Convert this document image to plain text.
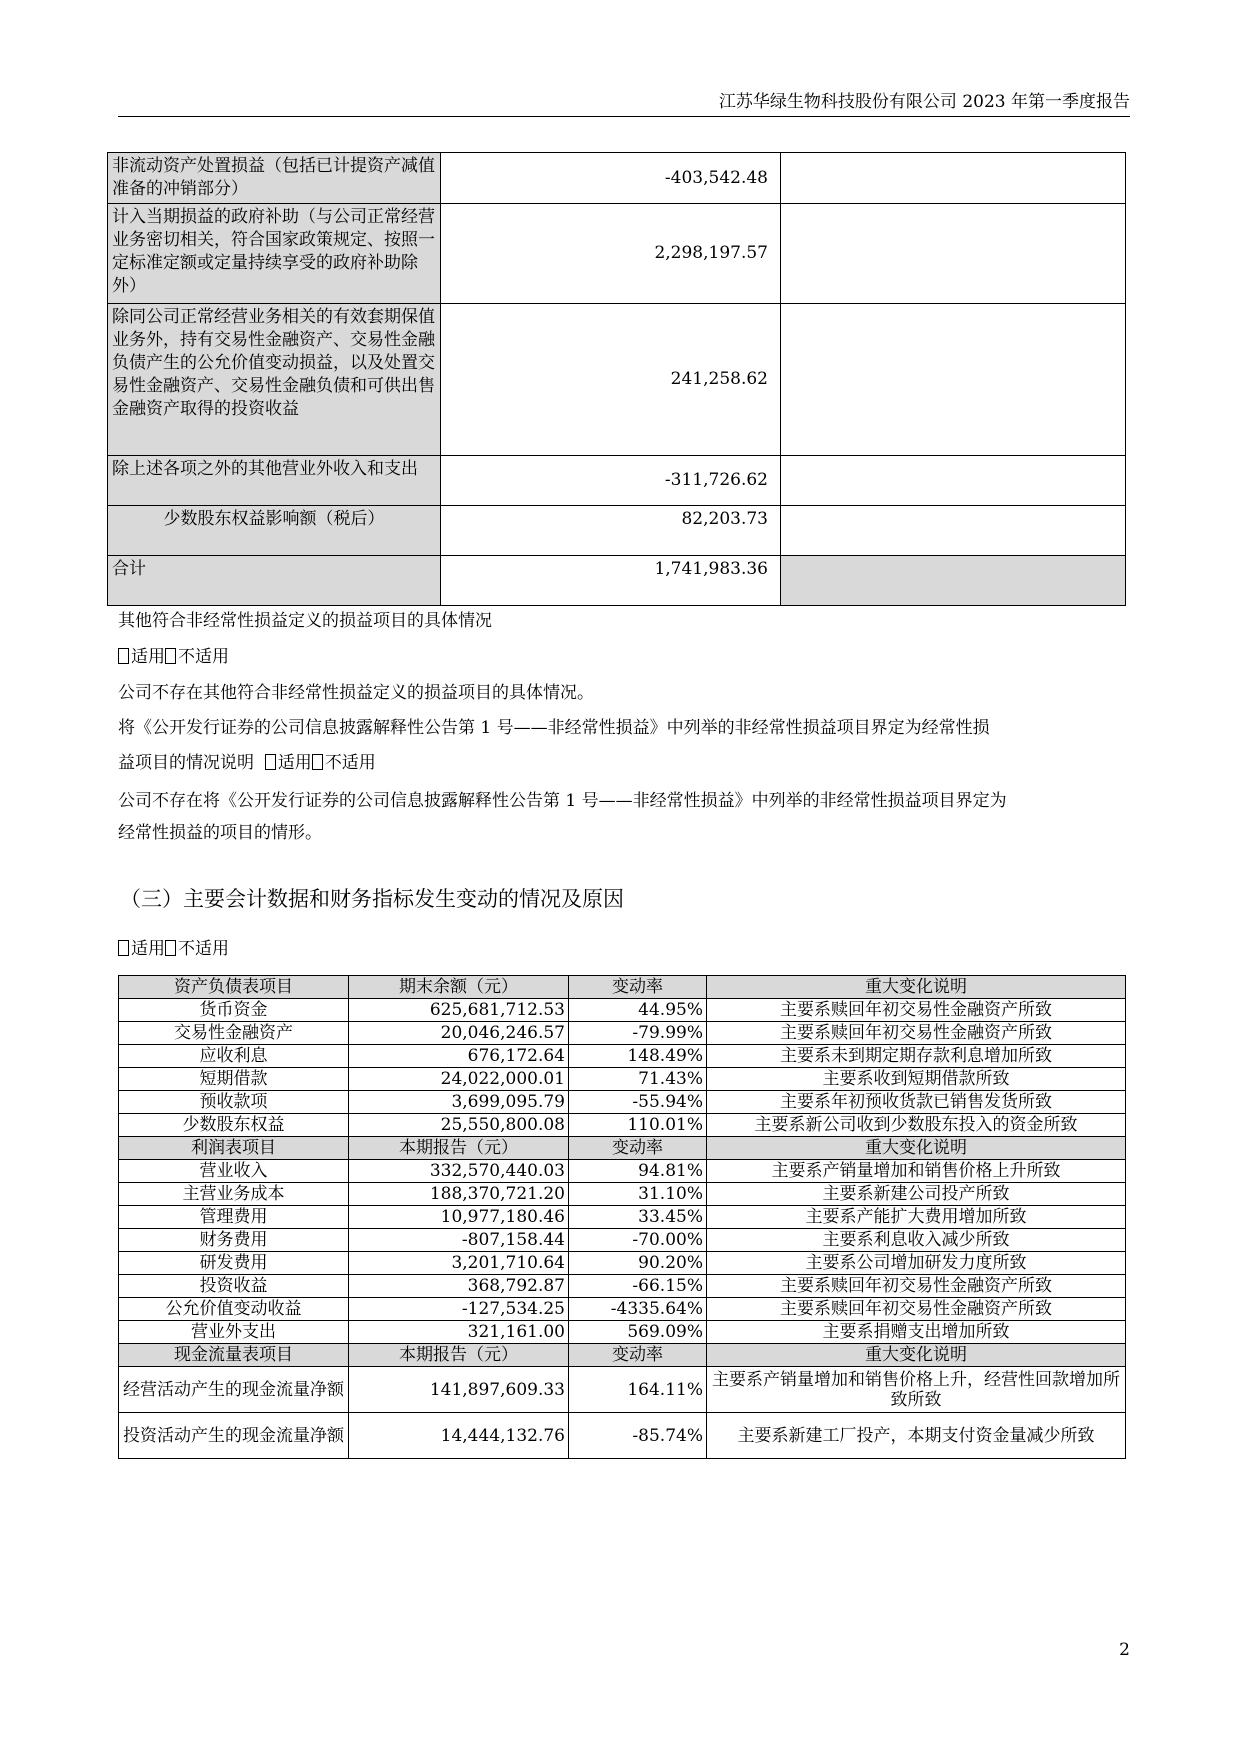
江苏华绿生物科技股份有限公司 2023 年第一季度报告
非流动资产处置损益（包括已计提资产减值准备的冲销部分）	-403,542.48	
计入当期损益的政府补助（与公司正常经营业务密切相关，符合国家政策规定、按照一定标准定额或定量持续享受的政府补助除外）	2,298,197.57	
除同公司正常经营业务相关的有效套期保值业务外，持有交易性金融资产、交易性金融负债产生的公允价值变动损益，以及处置交易性金融资产、交易性金融负债和可供出售金融资产取得的投资收益	241,258.62	
除上述各项之外的其他营业外收入和支出	-311,726.62	
少数股东权益影响额（税后）	82,203.73	
合计	1,741,983.36	
其他符合非经常性损益定义的损益项目的具体情况
适用 不适用
公司不存在其他符合非经常性损益定义的损益项目的具体情况。
将《公开发行证券的公司信息披露解释性公告第 1 号——非经常性损益》中列举的非经常性损益项目界定为经常性损
益项目的情况说明 适用 不适用
公司不存在将《公开发行证券的公司信息披露解释性公告第 1 号——非经常性损益》中列举的非经常性损益项目界定为
经常性损益的项目的情形。
（三）主要会计数据和财务指标发生变动的情况及原因
适用 不适用
资产负债表项目	期末余额（元）	变动率	重大变化说明
货币资金	625,681,712.53	44.95%	主要系赎回年初交易性金融资产所致
交易性金融资产	20,046,246.57	-79.99%	主要系赎回年初交易性金融资产所致
应收利息	676,172.64	148.49%	主要系未到期定期存款利息增加所致
短期借款	24,022,000.01	71.43%	主要系收到短期借款所致
预收款项	3,699,095.79	-55.94%	主要系年初预收货款已销售发货所致
少数股东权益	25,550,800.08	110.01%	主要系新公司收到少数股东投入的资金所致
利润表项目	本期报告（元）	变动率	重大变化说明
营业收入	332,570,440.03	94.81%	主要系产销量增加和销售价格上升所致
主营业务成本	188,370,721.20	31.10%	主要系新建公司投产所致
管理费用	10,977,180.46	33.45%	主要系产能扩大费用增加所致
财务费用	-807,158.44	-70.00%	主要系利息收入减少所致
研发费用	3,201,710.64	90.20%	主要系公司增加研发力度所致
投资收益	368,792.87	-66.15%	主要系赎回年初交易性金融资产所致
公允价值变动收益	-127,534.25	-4335.64%	主要系赎回年初交易性金融资产所致
营业外支出	321,161.00	569.09%	主要系捐赠支出增加所致
现金流量表项目	本期报告（元）	变动率	重大变化说明
经营活动产生的现金流量净额	141,897,609.33	164.11%	主要系产销量增加和销售价格上升，经营性回款增加所致所致
投资活动产生的现金流量净额	14,444,132.76	-85.74%	主要系新建工厂投产，本期支付资金量减少所致
2
